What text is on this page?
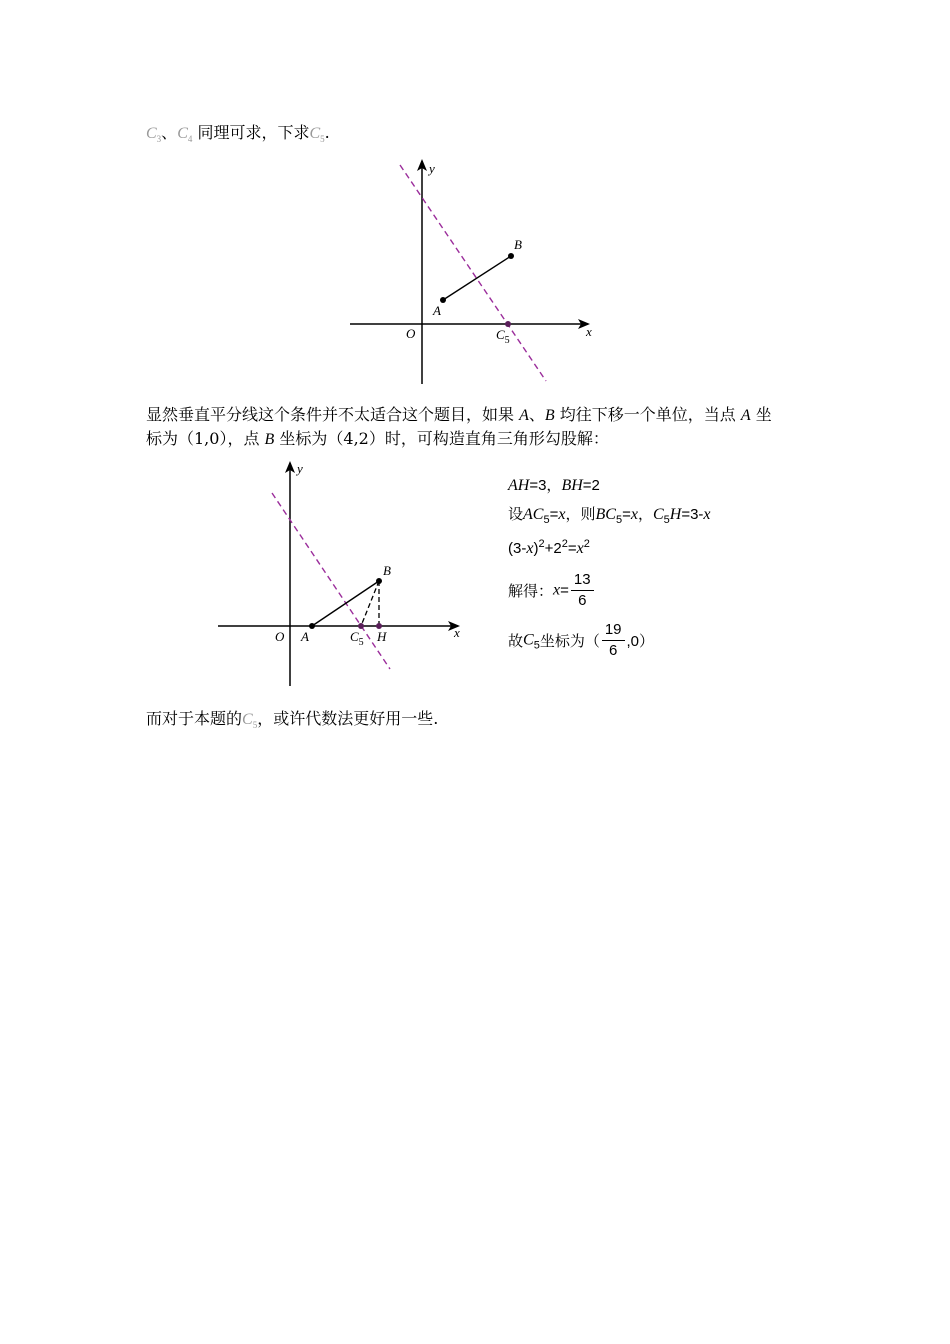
$C_3$、$C_4$ 同理可求，下求$C_5$.
y
x
O
A
B
$C_5$
显然垂直平分线这个条件并不太适合这个题目，如果 A、B 均往下移一个单位，当点 A 坐
标为（1,0），点 B 坐标为（4,2）时，可构造直角三角形勾股解：
y
x
O A
B
$C_5$ H
AH=3，BH=2
设$AC_5=x$，则$BC_5=x$，$C_5H=3-x$
$(3-x)^2+2^2=x^2$
解得：$x= \frac{13}{6}$
故$C_5$坐标为（ $\frac{19}{6} ,0$）
而对于本题的$C_5$，或许代数法更好用一些.
